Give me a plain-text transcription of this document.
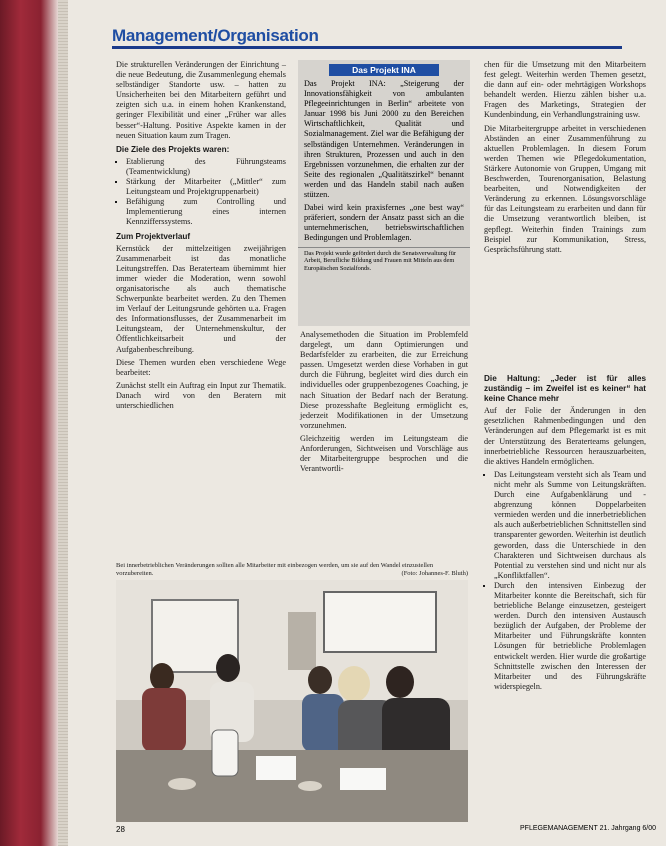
Management/Organisation

Die strukturellen Veränderungen der Einrichtung – die neue Bedeutung, die Zusammenlegung ehemals selbständiger Standorte usw. – hatten zu Unsicherheiten bei den Mitarbeitern geführt und zeigten sich u.a. in einem hohen Krankenstand, geringer Flexibilität und einer „Früher war alles besser“-Haltung. Positive Aspekte kamen in der neuen Situation kaum zum Tragen.

Die Ziele des Projekts waren:
▪ Etablierung des Führungsteams (Teamentwicklung)
▪ Stärkung der Mitarbeiter („Mittler“ zum Leitungsteam und Projektgruppenarbeit)
▪ Befähigung zum Controlling und Implementierung eines internen Kennzifferssystems.
Zum Projektverlauf

Kernstück der mittelzeitigen zweijährigen Zusammenarbeit ist das monatliche Leitungstreffen. Das Beraterteam übernimmt hier immer wieder die Moderation, wenn sowohl organisatorische als auch thematische Schwerpunkte bearbeitet werden. Zu den Themen im Verlauf der Leitungsrunde gehörten u.a. Fragen des Informationsflusses, der Zusammenarbeit im Leitungsteam, der Unternehmenskultur, der Öffentlichkeitsarbeit und der Aufgabenbeschreibung.

Diese Themen wurden eben verschiedene Wege bearbeitet:

Zunächst stellt ein Auftrag ein Input zur Thematik. Danach wird von den Beratern mit unterschiedlichen

Das Projekt INA

Das Projekt INA: „Steigerung der Innovationsfähigkeit von ambulanten Pflegeeinrichtungen in Berlin“ arbeitete von Januar 1998 bis Juni 2000 zu den Bereichen Wirtschaftlichkeit, Qualität und Sozialmanagement. Ziel war die Befähigung der selbständigen Unternehmen. Veränderungen in ihren Strukturen, Prozessen und auch in den Ergebnissen vorzunehmen, die erhalten zur der Seite des regionalen „Qualitätszirkel“ benannt werden und das Handeln stabil nach außen stützen.

Dabei wird kein praxisfernes „one best way“ präferiert, sondern der Ansatz passt sich an die unternehmerischen, betriebswirtschaftlichen Bedingungen und Problemlagen.

Das Projekt wurde gefördert durch die Senatsverwaltung für Arbeit, Berufliche Bildung und Frauen mit Mitteln aus dem Europäischen Sozialfonds.

Analysemethoden die Situation im Problemfeld dargelegt, um dann Optimierungen und Bedarfsfelder zu erarbeiten, die zur Erreichung passen. Umgesetzt werden diese Vorhaben in gut durch die Führung, begleitet wird dies durch ein individuelles oder gruppenbezogenes Coaching, je nach Situation der Bedarf nach der Beratung. Diese prozesshafte Begleitung ermöglicht es, jederzeit Modifikationen in der Umsetzung vorzunehmen.

Gleichzeitig werden im Leitungsteam die Anforderungen, Sichtweisen und Vorschläge aus der Mitarbeitergruppe besprochen und die Verantwortli-

chen für die Umsetzung mit den Mitarbeitern fest gelegt. Weiterhin werden Themen gesetzt, die dann auf ein- oder mehrtägigen Workshops behandelt werden. Hierzu zählen bisher u.a. Fragen des Marketings, Strategien der Kundenbindung, ein Verhandlungstraining usw.

Die Mitarbeitergruppe arbeitet in verschiedenen Abständen an einer Zusammenführung zu aktuellen Problemlagen. In diesem Forum werden Themen wie Pflegedokumentation, Stärkere Autonomie von Gruppen, Umgang mit Beschwerden, Tourenorganisation, Belastung bearbeiten, und Notwendigkeiten der Veränderung zu erkennen. Lösungsvorschläge für das Leitungsteam zu erarbeiten und dann für die Umsetzung verantwortlich bleiben, ist gepflegt. Weiterhin finden Trainings zum Beispiel zur Kommunikation, Stress, Gesprächsführung statt.

Die Haltung: „Jeder ist für alles zuständig – im Zweifel ist es keiner“ hat keine Chance mehr

Auf der Folie der Änderungen in den gesetzlichen Rahmenbedingungen und den Veränderungen auf dem Pflegemarkt ist es mit der Unterstützung des Beraterteams gelungen, innerbetriebliche Ressourcen herauszuarbeiten, die aktives Handeln ermöglichen.

▪ Das Leitungsteam versteht sich als Team und nicht mehr als Summe von Leitungskräften. Durch eine Aufgabenklärung und -abgrenzung können Doppelarbeiten vermieden werden und die innerbetrieblichen als auch außerbetrieblichen Schnittstellen sind transparenter geworden. Weiterhin ist deutlich geworden, dass die Unterschiede in den Charakteren und Sichtweisen durchaus als Potential zu verstehen sind und nicht nur als „Konfliktfallen“.
▪ Durch den intensiven Einbezug der Mitarbeiter konnte die Bereitschaft, sich für betriebliche Belange einzusetzen, gesteigert werden. Durch den intensiven Austausch bezüglich der Aufgaben, der Probleme der Mitarbeiter und Führungskräfte konnten Lösungen für betriebliche Problemlagen entwickelt werden. Hier wurde die großartige Schnittstelle zwischen den Interessen der Mitarbeiter und des Führungskräfte widerspiegeln.
Bei innerbetrieblichen Veränderungen sollten alle Mitarbeiter mit einbezogen werden, um sie auf den Wandel einzustellen vorzubereiten.	(Foto: Johannes-F. Bluth)
28	PFLEGEMANAGEMENT 21. Jahrgang 6/00
